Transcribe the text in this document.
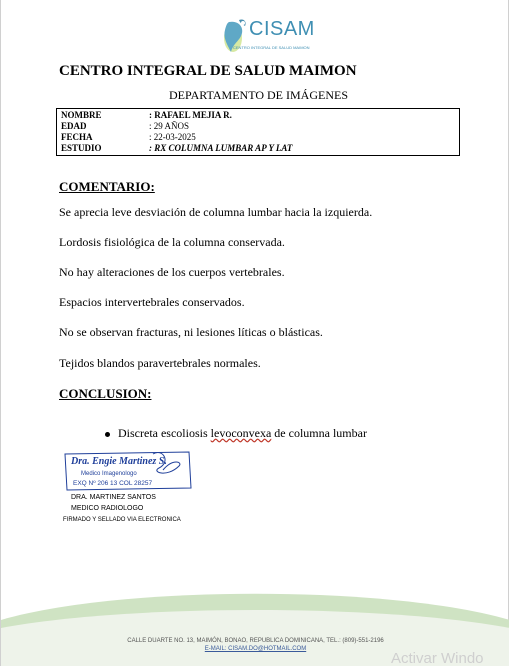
CISAM
CENTRO INTEGRAL DE SALUD MAIMON
CENTRO INTEGRAL DE SALUD MAIMON
DEPARTAMENTO DE IMÁGENES
NOMBRE	: RAFAEL MEJIA R.
EDAD	: 29 AÑOS
FECHA	: 22-03-2025
ESTUDIO	: RX COLUMNA LUMBAR AP Y LAT
COMENTARIO:
Se aprecia leve desviación de columna lumbar hacia la izquierda.
Lordosis fisiológica de la columna conservada.
No hay alteraciones de los cuerpos vertebrales.
Espacios intervertebrales conservados.
No se observan fracturas, ni lesiones líticas o blásticas.
Tejidos blandos paravertebrales normales.
CONCLUSION:
Discreta escoliosis levoconvexa de columna lumbar
Dra. Engie Martinez S.
Medico Imagenologo
EXQ Nº 206 13 COL 28257
DRA. MARTINEZ SANTOS
MEDICO RADIOLOGO
FIRMADO Y SELLADO VIA ELECTRONICA
CALLE DUARTE NO. 13, MAIMÓN, BONAO, REPUBLICA DOMINICANA, TEL.: (809)-551-2196
E-MAIL: CISAM.DO@HOTMAIL.COM
Activar Windo
